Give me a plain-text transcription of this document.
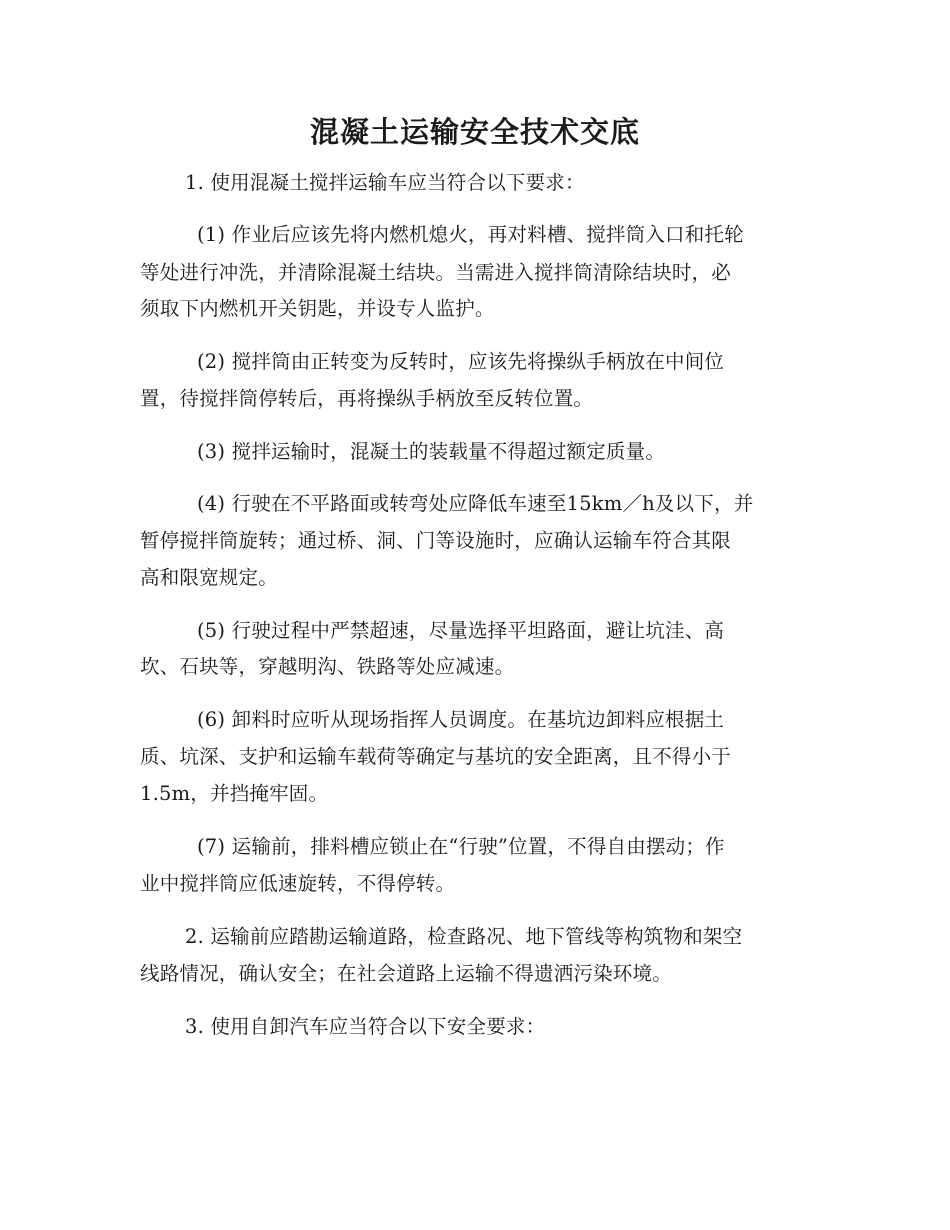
混凝土运输安全技术交底
1. 使用混凝土搅拌运输车应当符合以下要求：
(1) 作业后应该先将内燃机熄火，再对料槽、搅拌筒入口和托轮
等处进行冲洗，并清除混凝土结块。当需进入搅拌筒清除结块时，必
须取下内燃机开关钥匙，并设专人监护。
(2) 搅拌筒由正转变为反转时，应该先将操纵手柄放在中间位
置，待搅拌筒停转后，再将操纵手柄放至反转位置。
(3) 搅拌运输时，混凝土的装载量不得超过额定质量。
(4) 行驶在不平路面或转弯处应降低车速至15km／h及以下，并
暂停搅拌筒旋转；通过桥、洞、门等设施时，应确认运输车符合其限
高和限宽规定。
(5) 行驶过程中严禁超速，尽量选择平坦路面，避让坑洼、高
坎、石块等，穿越明沟、铁路等处应减速。
(6) 卸料时应听从现场指挥人员调度。在基坑边卸料应根据土
质、坑深、支护和运输车载荷等确定与基坑的安全距离，且不得小于
1.5m，并挡掩牢固。
(7) 运输前，排料槽应锁止在“行驶”位置，不得自由摆动；作
业中搅拌筒应低速旋转，不得停转。
2. 运输前应踏勘运输道路，检查路况、地下管线等构筑物和架空
线路情况，确认安全；在社会道路上运输不得遗洒污染环境。
3. 使用自卸汽车应当符合以下安全要求：
